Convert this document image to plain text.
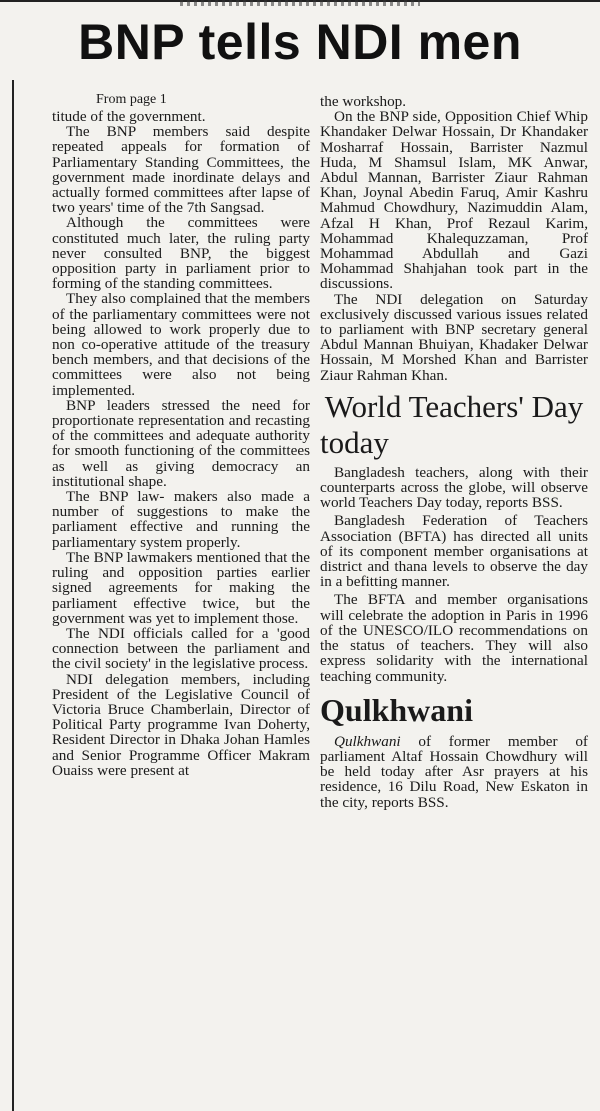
BNP tells NDI men
From page 1

titude of the government.

The BNP members said despite repeated appeals for formation of Parliamentary Standing Committees, the government made inordinate delays and actually formed committees after lapse of two years' time of the 7th Sangsad.

Although the committees were constituted much later, the ruling party never consulted BNP, the biggest opposition party in parliament prior to forming of the standing committees.

They also complained that the members of the parliamentary committees were not being allowed to work properly due to non co-operative attitude of the treasury bench members, and that decisions of the committees were also not being implemented.

BNP leaders stressed the need for proportionate representation and recasting of the committees and adequate authority for smooth functioning of the committees as well as giving democracy an institutional shape.

The BNP law- makers also made a number of suggestions to make the parliament effective and running the parliamentary system properly.

The BNP lawmakers mentioned that the ruling and opposition parties earlier signed agreements for making the parliament effective twice, but the government was yet to implement those.

The NDI officials called for a 'good connection between the parliament and the civil society' in the legislative process.

NDI delegation members, including President of the Legislative Council of Victoria Bruce Chamberlain, Director of Political Party programme Ivan Doherty, Resident Director in Dhaka Johan Hamles and Senior Programme Officer Makram Ouaiss were present at

the workshop.

On the BNP side, Opposition Chief Whip Khandaker Delwar Hossain, Dr Khandaker Mosharraf Hossain, Barrister Nazmul Huda, M Shamsul Islam, MK Anwar, Abdul Mannan, Barrister Ziaur Rahman Khan, Joynal Abedin Faruq, Amir Kashru Mahmud Chowdhury, Nazimuddin Alam, Afzal H Khan, Prof Rezaul Karim, Mohammad Khalequzzaman, Prof Mohammad Abdullah and Gazi Mohammad Shahjahan took part in the discussions.

The NDI delegation on Saturday exclusively discussed various issues related to parliament with BNP secretary general Abdul Mannan Bhuiyan, Khadaker Delwar Hossain, M Morshed Khan and Barrister Ziaur Rahman Khan.

World Teachers' Day today

Bangladesh teachers, along with their counterparts across the globe, will observe world Teachers Day today, reports BSS.

Bangladesh Federation of Teachers Association (BFTA) has directed all units of its component member organisations at district and thana levels to observe the day in a befitting manner.

The BFTA and member organisations will celebrate the adoption in Paris in 1996 of the UNESCO/ILO recommendations on the status of teachers. They will also express solidarity with the international teaching community.

Qulkhwani

Qulkhwani of former member of parliament Altaf Hossain Chowdhury will be held today after Asr prayers at his residence, 16 Dilu Road, New Eskaton in the city, reports BSS.
